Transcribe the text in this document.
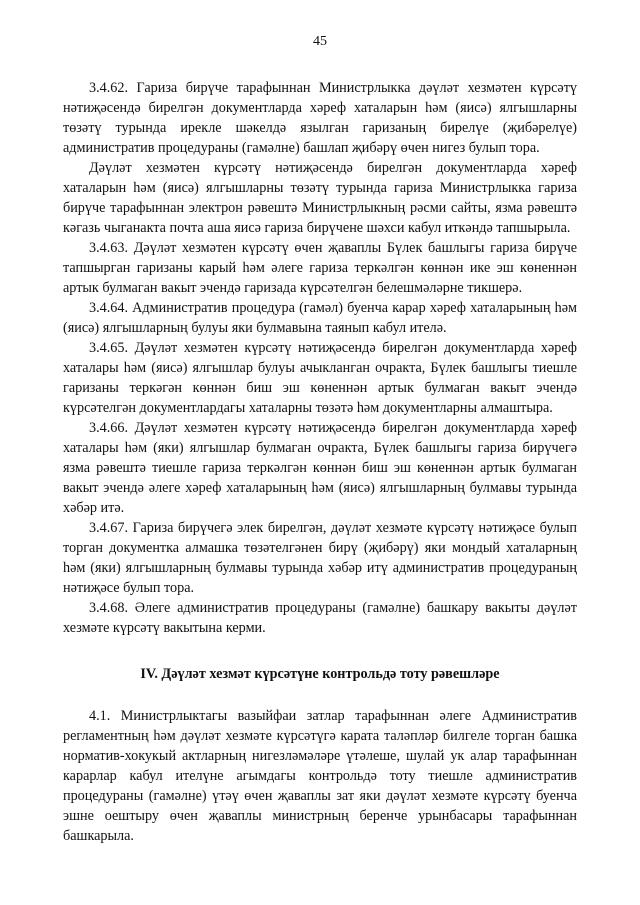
45

3.4.62. Гариза бирүче тарафыннан Министрлыкка дәүләт хезмәтен күрсәтү нәтиҗәсендә бирелгән документларда хәреф хаталарын һәм (яисә) ялгышларны төзәтү турында ирекле шәкелдә язылган гаризаның бирелүе (җибәрелүе) административ процедураны (гамәлне) башлап җибәрү өчен нигез булып тора.

Дәүләт хезмәтен күрсәтү нәтиҗәсендә бирелгән документларда хәреф хаталарын һәм (яисә) ялгышларны төзәтү турында гариза Министрлыкка гариза бирүче тарафыннан электрон рәвештә Министрлыкның рәсми сайты, язма рәвештә кәгазь чыганакта почта аша яисә гариза бирүчене шәхси кабул иткәндә тапшырыла.

3.4.63. Дәүләт хезмәтен күрсәтү өчен җаваплы Бүлек башлыгы гариза бирүче тапшырган гаризаны карый һәм әлеге гариза теркәлгән көннән ике эш көненнән артык булмаган вакыт эчендә гаризада күрсәтелгән белешмәләрне тикшерә.

3.4.64. Административ процедура (гамәл) буенча карар хәреф хаталарының һәм (яисә) ялгышларның булуы яки булмавына таянып кабул ителә.

3.4.65. Дәүләт хезмәтен күрсәтү нәтиҗәсендә бирелгән документларда хәреф хаталары һәм (яисә) ялгышлар булуы ачыкланган очракта, Бүлек башлыгы тиешле гаризаны теркәгән көннән биш эш көненнән артык булмаган вакыт эчендә күрсәтелгән документлардагы хаталарны төзәтә һәм документларны алмаштыра.

3.4.66. Дәүләт хезмәтен күрсәтү нәтиҗәсендә бирелгән документларда хәреф хаталары һәм (яки) ялгышлар булмаган очракта, Бүлек башлыгы гариза бирүчегә язма рәвештә тиешле гариза теркәлгән көннән биш эш көненнән артык булмаган вакыт эчендә әлеге хәреф хаталарының һәм (яисә) ялгышларның булмавы турында хәбәр итә.

3.4.67. Гариза бирүчегә элек бирелгән, дәүләт хезмәте күрсәтү нәтиҗәсе булып торган документка алмашка төзәтелгәнен бирү (җибәрү) яки мондый хаталарның һәм (яки) ялгышларның булмавы турында хәбәр итү административ процедураның нәтиҗәсе булып тора.

3.4.68. Әлеге административ процедураны (гамәлне) башкару вакыты дәүләт хезмәте күрсәтү вакытына керми.

IV. Дәүләт хезмәт күрсәтүне контрольдә тоту рәвешләре

4.1. Министрлыктагы вазыйфаи затлар тарафыннан әлеге Административ регламентның һәм дәүләт хезмәте күрсәтүгә карата таләпләр билгеле торган башка норматив-хокукый актларның нигезләмәләре үтәлеше, шулай ук алар тарафыннан карарлар кабул ителүне агымдагы контрольдә тоту тиешле административ процедураны (гамәлне) үтәү өчен җаваплы зат яки дәүләт хезмәте күрсәтү буенча эшне оештыру өчен җаваплы министрның беренче урынбасары тарафыннан башкарыла.
